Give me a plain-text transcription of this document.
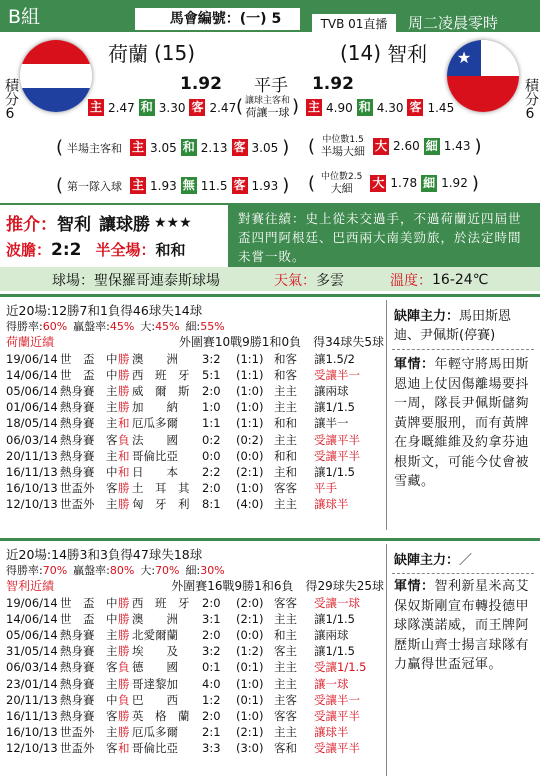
B組	馬會編號：(一) 5	TVB 01直播	周二凌晨零時
★
積分
6
積分
6
荷蘭 (15)	(14) 智利
1.92 平手 1.92
主 2.47 和 3.30 客 2.47 ( 讓球主客和
荷讓一球 ) 主 4.90 和 4.30 客 1.45
( 半場主客和 主 3.05 和 2.13 客 3.05 ) ( 中位數1.5
半場大細 大 2.60 細 1.43 )
( 第一隊入球 主 1.93 無 11.5 客 1.93 ) ( 中位數2.5
大細	大 1.78 細 1.92 )
推介： 智利 讓球勝 ★★★
波膽： 2:2 半全場： 和和
對賽往績：史上從未交過手，不過荷蘭近四屆世盃四門阿根廷、巴西兩大南美勁旅，於法定時間未嘗一敗。
球場： 聖保羅哥連泰斯球場	天氣： 多雲	溫度： 16-24℃
近20場:12勝7和1負得46球失14球
得勝率: 60% 贏盤率: 45% 大: 45% 細: 55%
荷蘭近績	外圍賽10戰9勝1和0負　得34球失5球
19/06/14	世　盃	中	勝	澳　　洲	3:2	(1:1)	和客	讓1.5/2
14/06/14	世　盃	中	勝	西　班　牙	5:1	(1:1)	和客	受讓半一
05/06/14	熱身賽	主	勝	威　爾　斯	2:0	(1:0)	主主	讓兩球
01/06/14	熱身賽	主	勝	加　　納	1:0	(1:0)	主主	讓1/1.5
18/05/14	熱身賽	主	和	厄瓜多爾	1:1	(1:1)	和和	讓半一
06/03/14	熱身賽	客	負	法　　國	0:2	(0:2)	主主	受讓平半
20/11/13	熱身賽	主	和	哥倫比亞	0:0	(0:0)	和和	受讓平半
16/11/13	熱身賽	中	和	日　　本	2:2	(2:1)	主和	讓1/1.5
16/10/13	世盃外	客	勝	土　耳　其	2:0	(1:0)	客客	平手
12/10/13	世盃外	主	勝	匈　牙　利	8:1	(4:0)	主主	讓球半
缺陣主力：馬田斯恩迪、尹佩斯(停賽)
軍情：年輕守將馬田斯恩迪上仗因傷離場要抖一周，隊長尹佩斯儲夠黃牌要服刑，而有黃牌在身嘅維維及約拿芬迪根斯文，可能今仗會被雪藏。
近20場:14勝3和3負得47球失18球
得勝率: 70% 贏盤率: 80% 大: 70% 細: 30%
智利近績	外圍賽16戰9勝1和6負　得29球失25球
19/06/14	世　盃	中	勝	西　班　牙	2:0	(2:0)	客客	受讓一球
14/06/14	世　盃	中	勝	澳　　洲	3:1	(2:1)	主主	讓1/1.5
05/06/14	熱身賽	主	勝	北愛爾蘭	2:0	(0:0)	和主	讓兩球
31/05/14	熱身賽	主	勝	埃　　及	3:2	(1:2)	客主	讓1/1.5
06/03/14	熱身賽	客	負	德　　國	0:1	(0:1)	主主	受讓1/1.5
23/01/14	熱身賽	主	勝	哥達黎加	4:0	(1:0)	主主	讓一球
20/11/13	熱身賽	中	負	巴　　西	1:2	(0:1)	主客	受讓半一
16/11/13	熱身賽	客	勝	英　格　蘭	2:0	(1:0)	客客	受讓平半
16/10/13	世盃外	主	勝	厄瓜多爾	2:1	(2:1)	主主	讓球半
12/10/13	世盃外	客	和	哥倫比亞	3:3	(3:0)	客和	受讓平半
缺陣主力：／
軍情：智利新星米高艾保奴斯剛宣布轉投德甲球隊漢諾威，而王牌阿歷斯山齊士揚言球隊有力贏得世盃冠軍。
